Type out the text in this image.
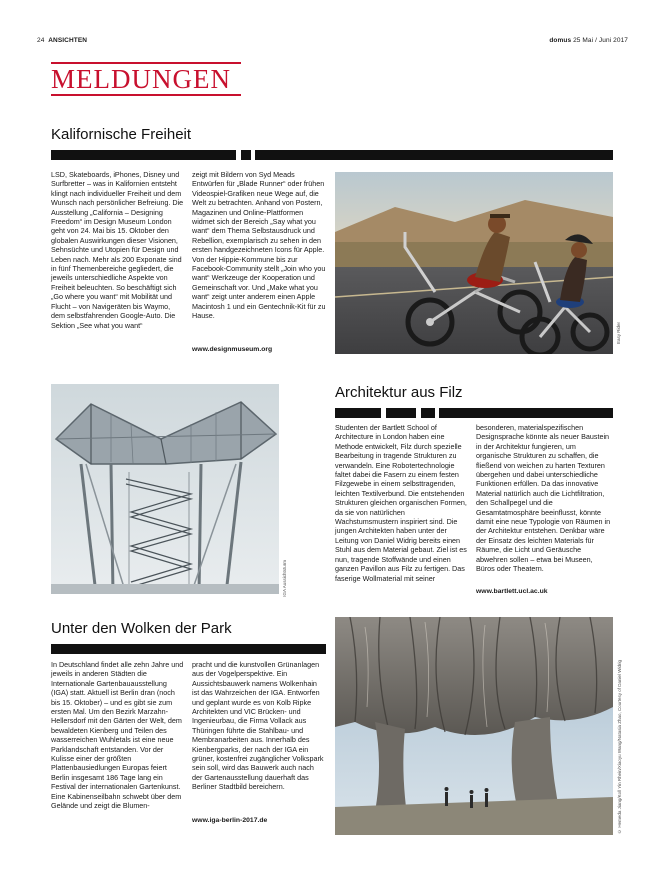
24 ANSICHTEN	domus 25 Mai / Juni 2017
MELDUNGEN
Kalifornische Freiheit

LSD, Skateboards, iPhones, Disney und Surfbretter – was in Kalifornien entsteht klingt nach individueller Freiheit und dem Wunsch nach persönlicher Befreiung. Die Ausstellung „California – Designing Freedom“ im Design Museum London geht von 24. Mai bis 15. Oktober den globalen Auswirkungen dieser Visionen, Sehnsüchte und Utopien für Design und Leben nach. Mehr als 200 Exponate sind in fünf Themenbereiche gegliedert, die jeweils unterschiedliche Aspekte von Freiheit beleuchten. So beschäftigt sich „Go where you want“ mit Mobilität und Flucht – von Navigeräten bis Waymo, dem selbstfahrenden Google-Auto. Die Sektion „See what you want“

zeigt mit Bildern von Syd Meads Entwürfen für „Blade Runner“ oder frühen Videospiel-Grafiken neue Wege auf, die Welt zu betrachten. Anhand von Postern, Magazinen und Online-Plattformen widmet sich der Bereich „Say what you want“ dem Thema Selbstausdruck und Rebellion, exemplarisch zu sehen in den ersten handgezeichneten Icons für Apple. Von der Hippie-Kommune bis zur Facebook-Community stellt „Join who you want“ Werkzeuge der Kooperation und Gemeinschaft vor. Und „Make what you want“ zeigt unter anderem einen Apple Macintosh 1 und ein Gentechnik-Kit für zu Hause.

www.designmuseum.org
Easy Rider
IGA Aussichtsturm
Architektur aus Filz

Studenten der Bartlett School of Architecture in London haben eine Methode entwickelt, Filz durch spezielle Bearbeitung in tragende Strukturen zu verwandeln. Eine Robotertechnologie faltet dabei die Fasern zu einem festen Filzgewebe in einem selbsttragenden, leichten Textilverbund. Die entstehenden Strukturen gleichen organischen Formen, da sie von natürlichen Wachstumsmustern inspiriert sind. Die jungen Architekten haben unter der Leitung von Daniel Widrig bereits einen Stuhl aus dem Material gebaut. Ziel ist es nun, tragende Stoffwände und einen ganzen Pavillon aus Filz zu fertigen. Das faserige Wollmaterial mit seiner

besonderen, materialspezifischen Designsprache könnte als neuer Baustein in der Architektur fungieren, um organische Strukturen zu schaffen, die fließend von weichen zu harten Texturen übergehen und dabei unterschiedliche Funktionen erfüllen. Da das innovative Material natürlich auch die Lichtfiltration, den Schallpegel und die Gesamtatmosphäre beeinflusst, könnte damit eine neue Typologie von Räumen in der Architektur entstehen. Denkbar wäre der Einsatz des leichten Materials für Räume, die Licht und Geräusche abwehren sollen – etwa bei Museen, Büros oder Theatern.

www.bartlett.ucl.ac.uk
Unter den Wolken der Park

In Deutschland findet alle zehn Jahre und jeweils in anderen Städten die Internationale Gartenbauausstellung (IGA) statt. Aktuell ist Berlin dran (noch bis 15. Oktober) – und es gibt sie zum ersten Mal. Um den Bezirk Marzahn-Hellersdorf mit den Gärten der Welt, dem bewaldeten Kienberg und Teilen des wasserreichen Wuhletals ist eine neue Parklandschaft entstanden. Vor der Kulisse einer der größten Plattenbausiedlungen Europas feiert Berlin insgesamt 186 Tage lang ein Festival der internationalen Gartenkunst. Eine Kabinenseilbahn schwebt über dem Gelände und zeigt die Blumen-

pracht und die kunstvollen Grünanlagen aus der Vogelperspektive. Ein Aussichtsbauwerk namens Wolkenhain ist das Wahrzeichen der IGA. Entworfen und geplant wurde es von Kolb Ripke Architekten und VIC Brücken- und Ingenieurbau, die Firma Vollack aus Thüringen führte die Stahlbau- und Membranarbeiten aus. Innerhalb des Kienbergparks, der nach der IGA ein grüner, kostenfrei zugänglicher Volkspark sein soll, wird das Bauwerk auch nach der Gartenausstellung dauerhaft das Berliner Stadtbild bereichern.

www.iga-berlin-2017.de	© Hemeda Jiang/Koll Yin Rhein/Xiaoyu Wang/Natasia Zhao, Courtesy of Daniel Widrig
